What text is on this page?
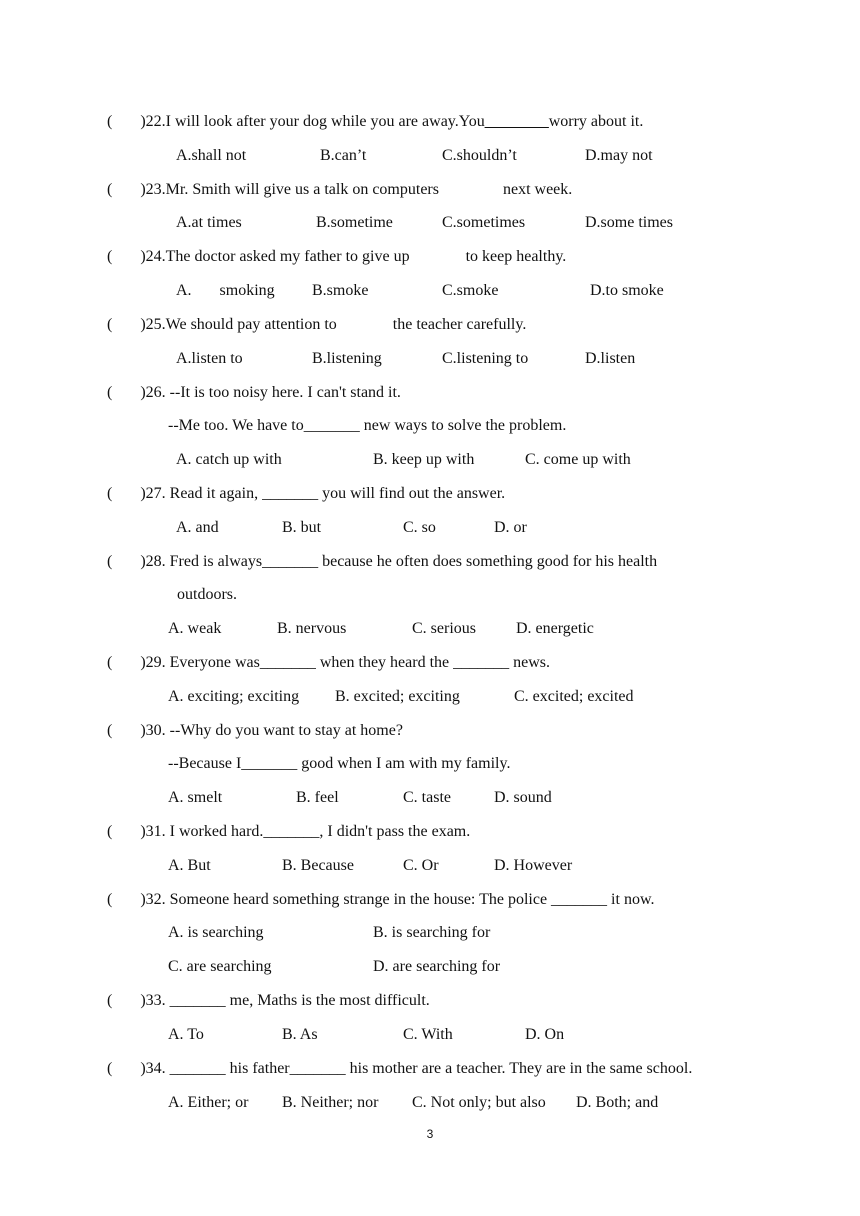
(       )22.I will look after your dog while you are away.You________worry about it.
A.shall not	B.can’t	C.shouldn’t	D.may not
(       )23.Mr. Smith will give us a talk on computers                next week.
A.at times	B.sometime	C.sometimes	D.some times
(       )24.The doctor asked my father to give up              to keep healthy.
A.       smoking B.smoke	C.smoke	D.to smoke
(       )25.We should pay attention to              the teacher carefully.
A.listen to	B.listening	C.listening to	D.listen
(       )26. --It is too noisy here. I can't stand it.
--Me too. We have to_______ new ways to solve the problem.
A. catch up with	B. keep up with	C. come up with
(       )27. Read it again, _______ you will find out the answer.
A. and	B. but	C. so	D. or
(       )28. Fred is always_______ because he often does something good for his health
outdoors.
A. weak	B. nervous	C. serious	D. energetic
(       )29. Everyone was_______ when they heard the _______ news.
A. exciting; exciting B. excited; exciting	C. excited; excited
(       )30. --Why do you want to stay at home?
--Because I_______ good when I am with my family.
A. smelt	B. feel	C. taste	D. sound
(       )31. I worked hard._______, I didn't pass the exam.
A. But	B. Because	C. Or	D. However
(       )32. Someone heard something strange in the house: The police _______ it now.
A. is searching	B. is searching for
C. are searching	D. are searching for
(       )33. _______ me, Maths is the most difficult.
A. To	B. As	C. With	D. On
(       )34. _______ his father_______ his mother are a teacher. They are in the same school.
A. Either; or B. Neither; nor C. Not only; but also D. Both; and
3
